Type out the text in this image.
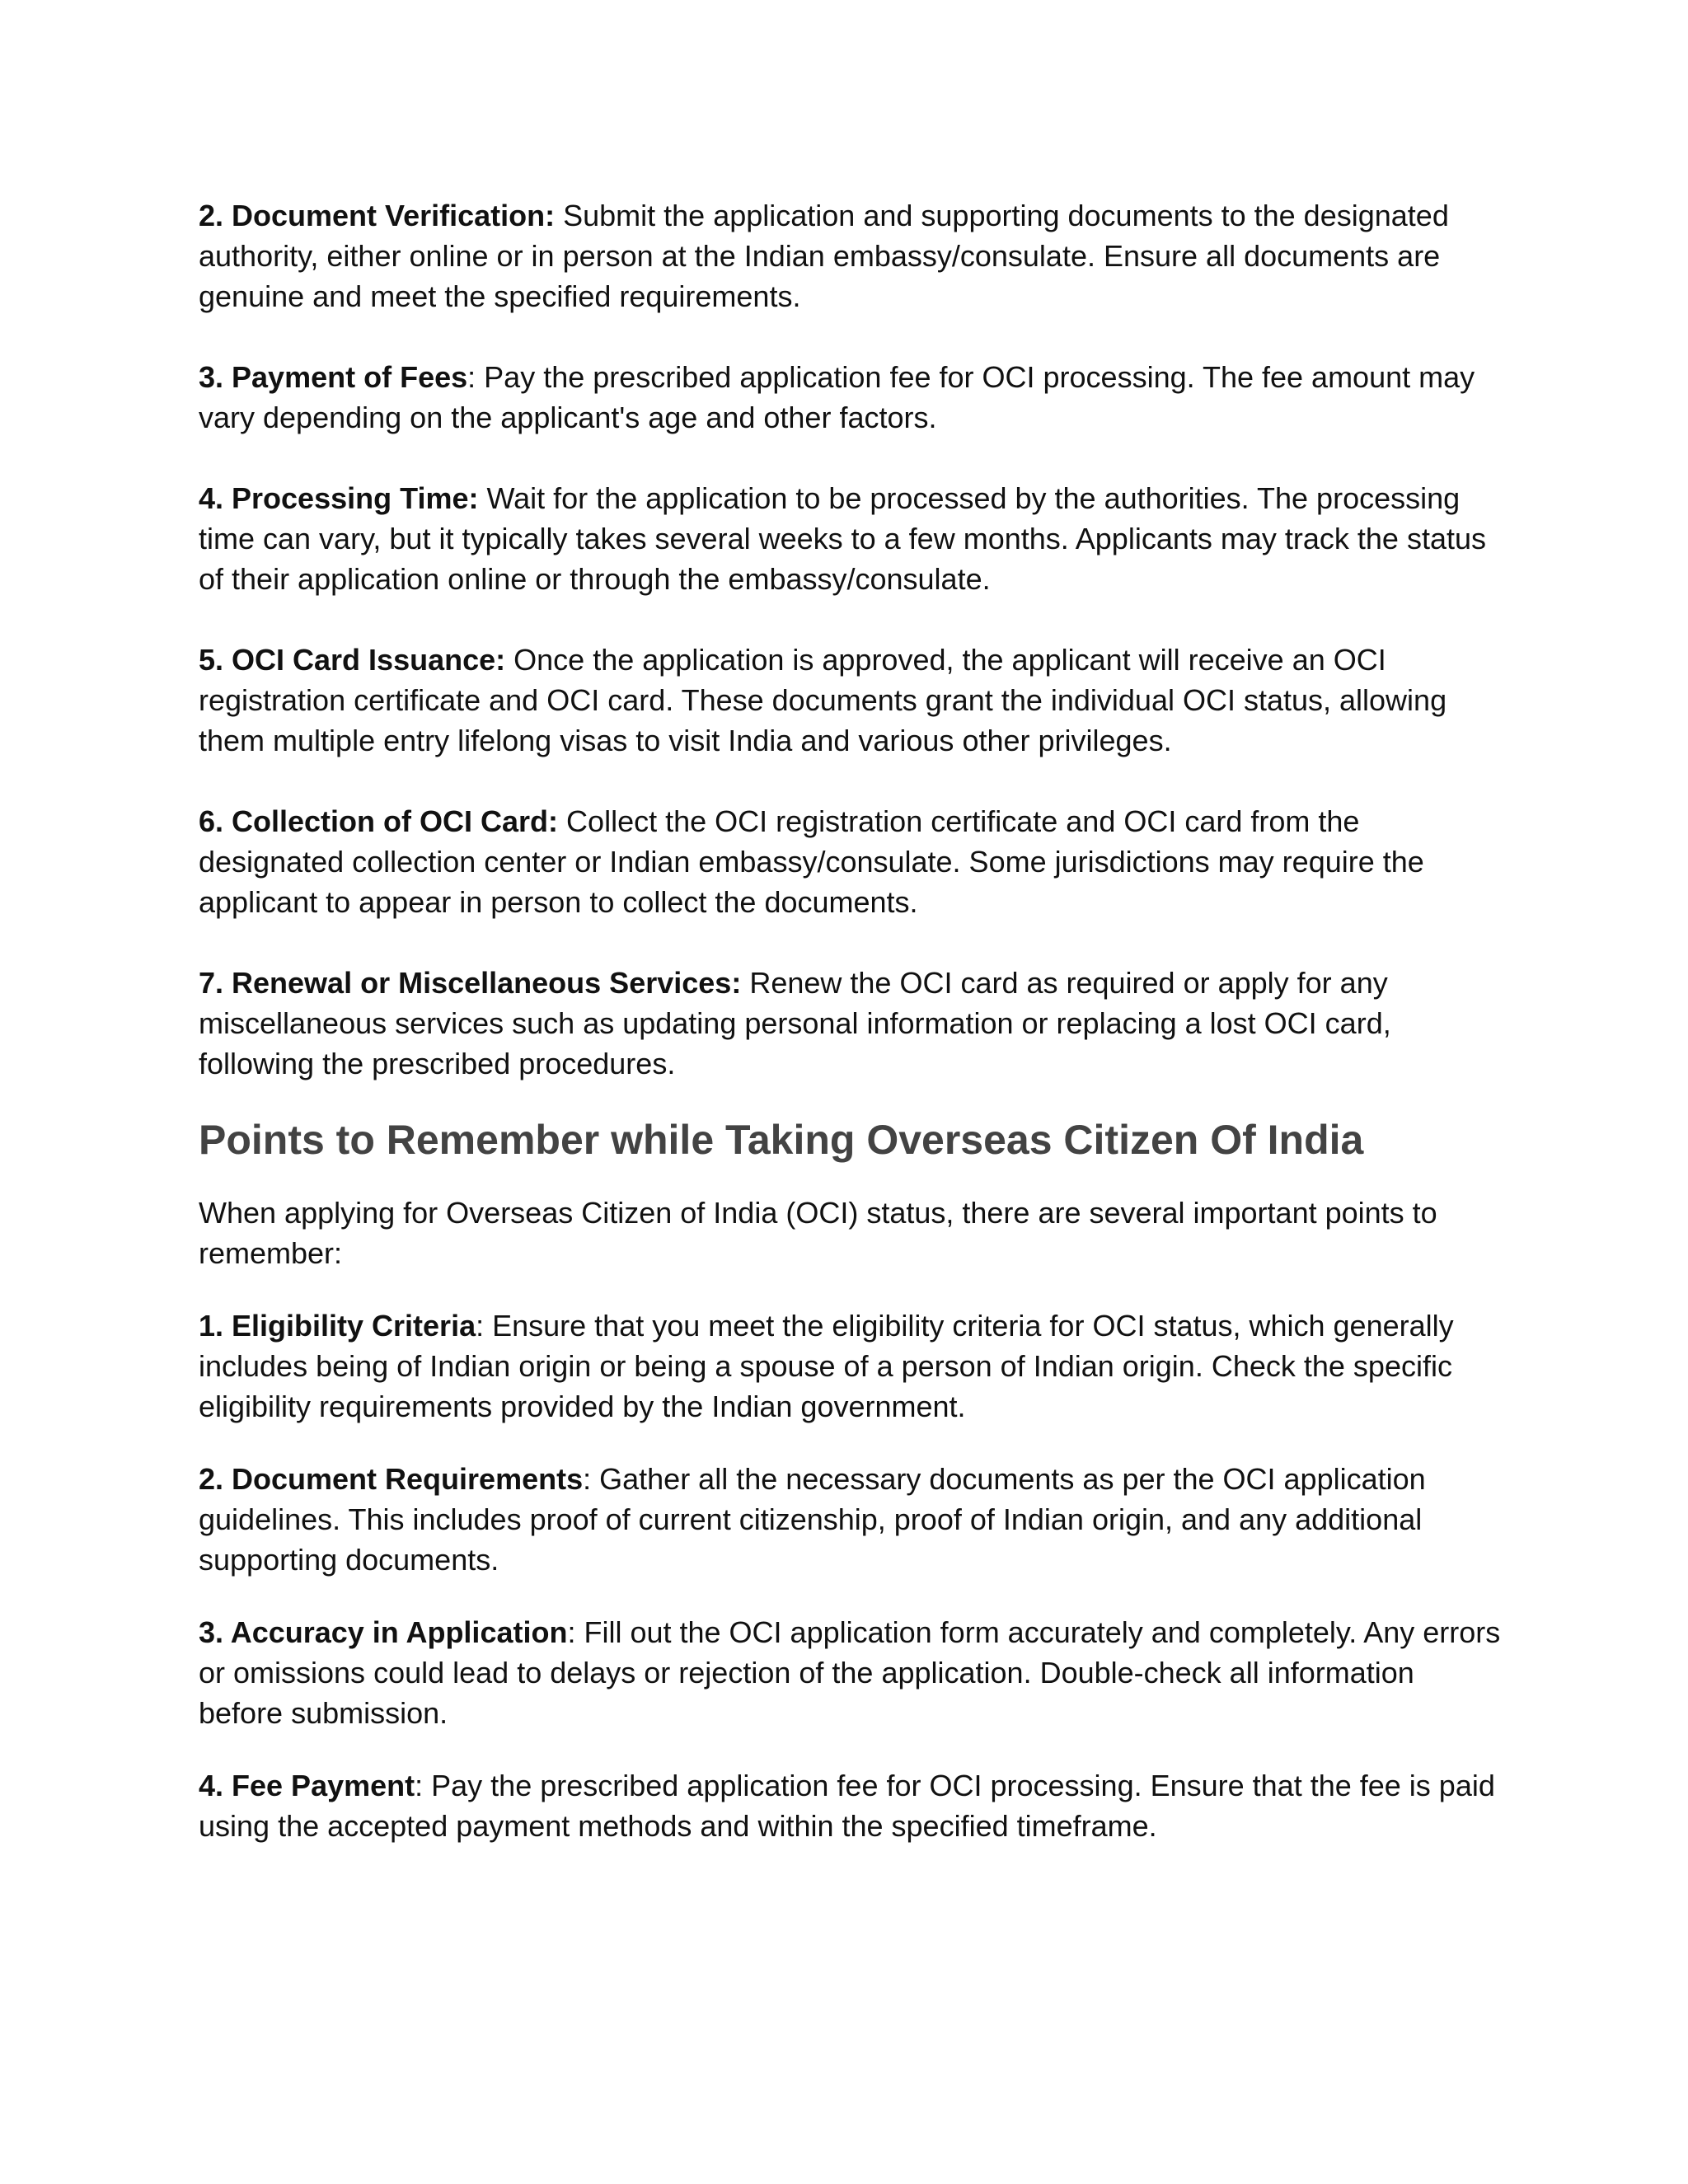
2. Document Verification: Submit the application and supporting documents to the designated authority, either online or in person at the Indian embassy/consulate. Ensure all documents are genuine and meet the specified requirements.

3. Payment of Fees: Pay the prescribed application fee for OCI processing. The fee amount may vary depending on the applicant's age and other factors.

4. Processing Time: Wait for the application to be processed by the authorities. The processing time can vary, but it typically takes several weeks to a few months. Applicants may track the status of their application online or through the embassy/consulate.

5. OCI Card Issuance: Once the application is approved, the applicant will receive an OCI registration certificate and OCI card. These documents grant the individual OCI status, allowing them multiple entry lifelong visas to visit India and various other privileges.

6. Collection of OCI Card: Collect the OCI registration certificate and OCI card from the designated collection center or Indian embassy/consulate. Some jurisdictions may require the applicant to appear in person to collect the documents.

7. Renewal or Miscellaneous Services: Renew the OCI card as required or apply for any miscellaneous services such as updating personal information or replacing a lost OCI card, following the prescribed procedures.

Points to Remember while Taking Overseas Citizen Of India

When applying for Overseas Citizen of India (OCI) status, there are several important points to remember:

1. Eligibility Criteria: Ensure that you meet the eligibility criteria for OCI status, which generally includes being of Indian origin or being a spouse of a person of Indian origin. Check the specific eligibility requirements provided by the Indian government.

2. Document Requirements: Gather all the necessary documents as per the OCI application guidelines. This includes proof of current citizenship, proof of Indian origin, and any additional supporting documents.

3. Accuracy in Application: Fill out the OCI application form accurately and completely. Any errors or omissions could lead to delays or rejection of the application. Double-check all information before submission.

4. Fee Payment: Pay the prescribed application fee for OCI processing. Ensure that the fee is paid using the accepted payment methods and within the specified timeframe.
